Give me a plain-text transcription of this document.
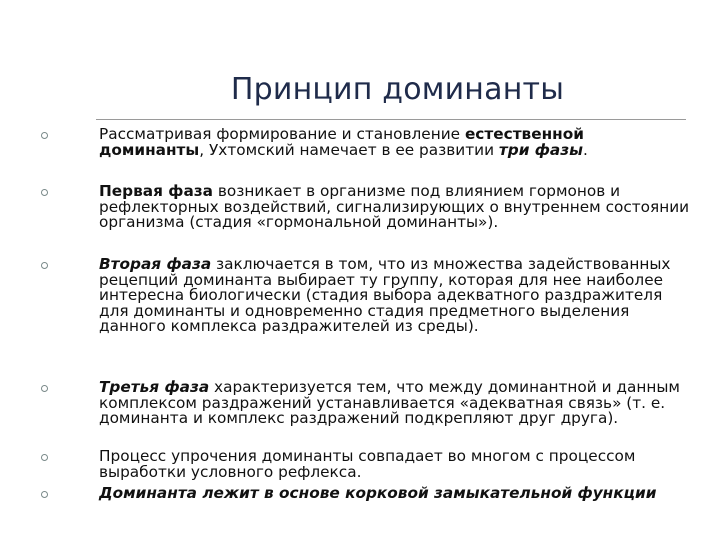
Принцип доминанты
Рассматривая формирование и становление естественной доминанты, Ухтомский намечает в ее развитии три фазы.
Первая фаза возникает в организме под влиянием гормонов и рефлекторных воздействий, сигнализирующих о внутреннем состоянии организма (стадия «гормональной доминанты»).
Вторая фаза заключается в том, что из множества задействованных рецепций доминанта выбирает ту группу, которая для нее наиболее интересна биологически (стадия выбора адекватного раздражителя для доминанты и одновременно стадия предметного выделения данного комплекса раздражителей из среды).
Третья фаза характеризуется тем, что между доминантной и данным комплексом раздражений устанавливается «адекватная связь» (т. е. доминанта и комплекс раздражений подкрепляют друг друга).
Процесс упрочения доминанты совпадает во многом с процессом выработки условного рефлекса.
Доминанта лежит в основе корковой замыкательной функции
